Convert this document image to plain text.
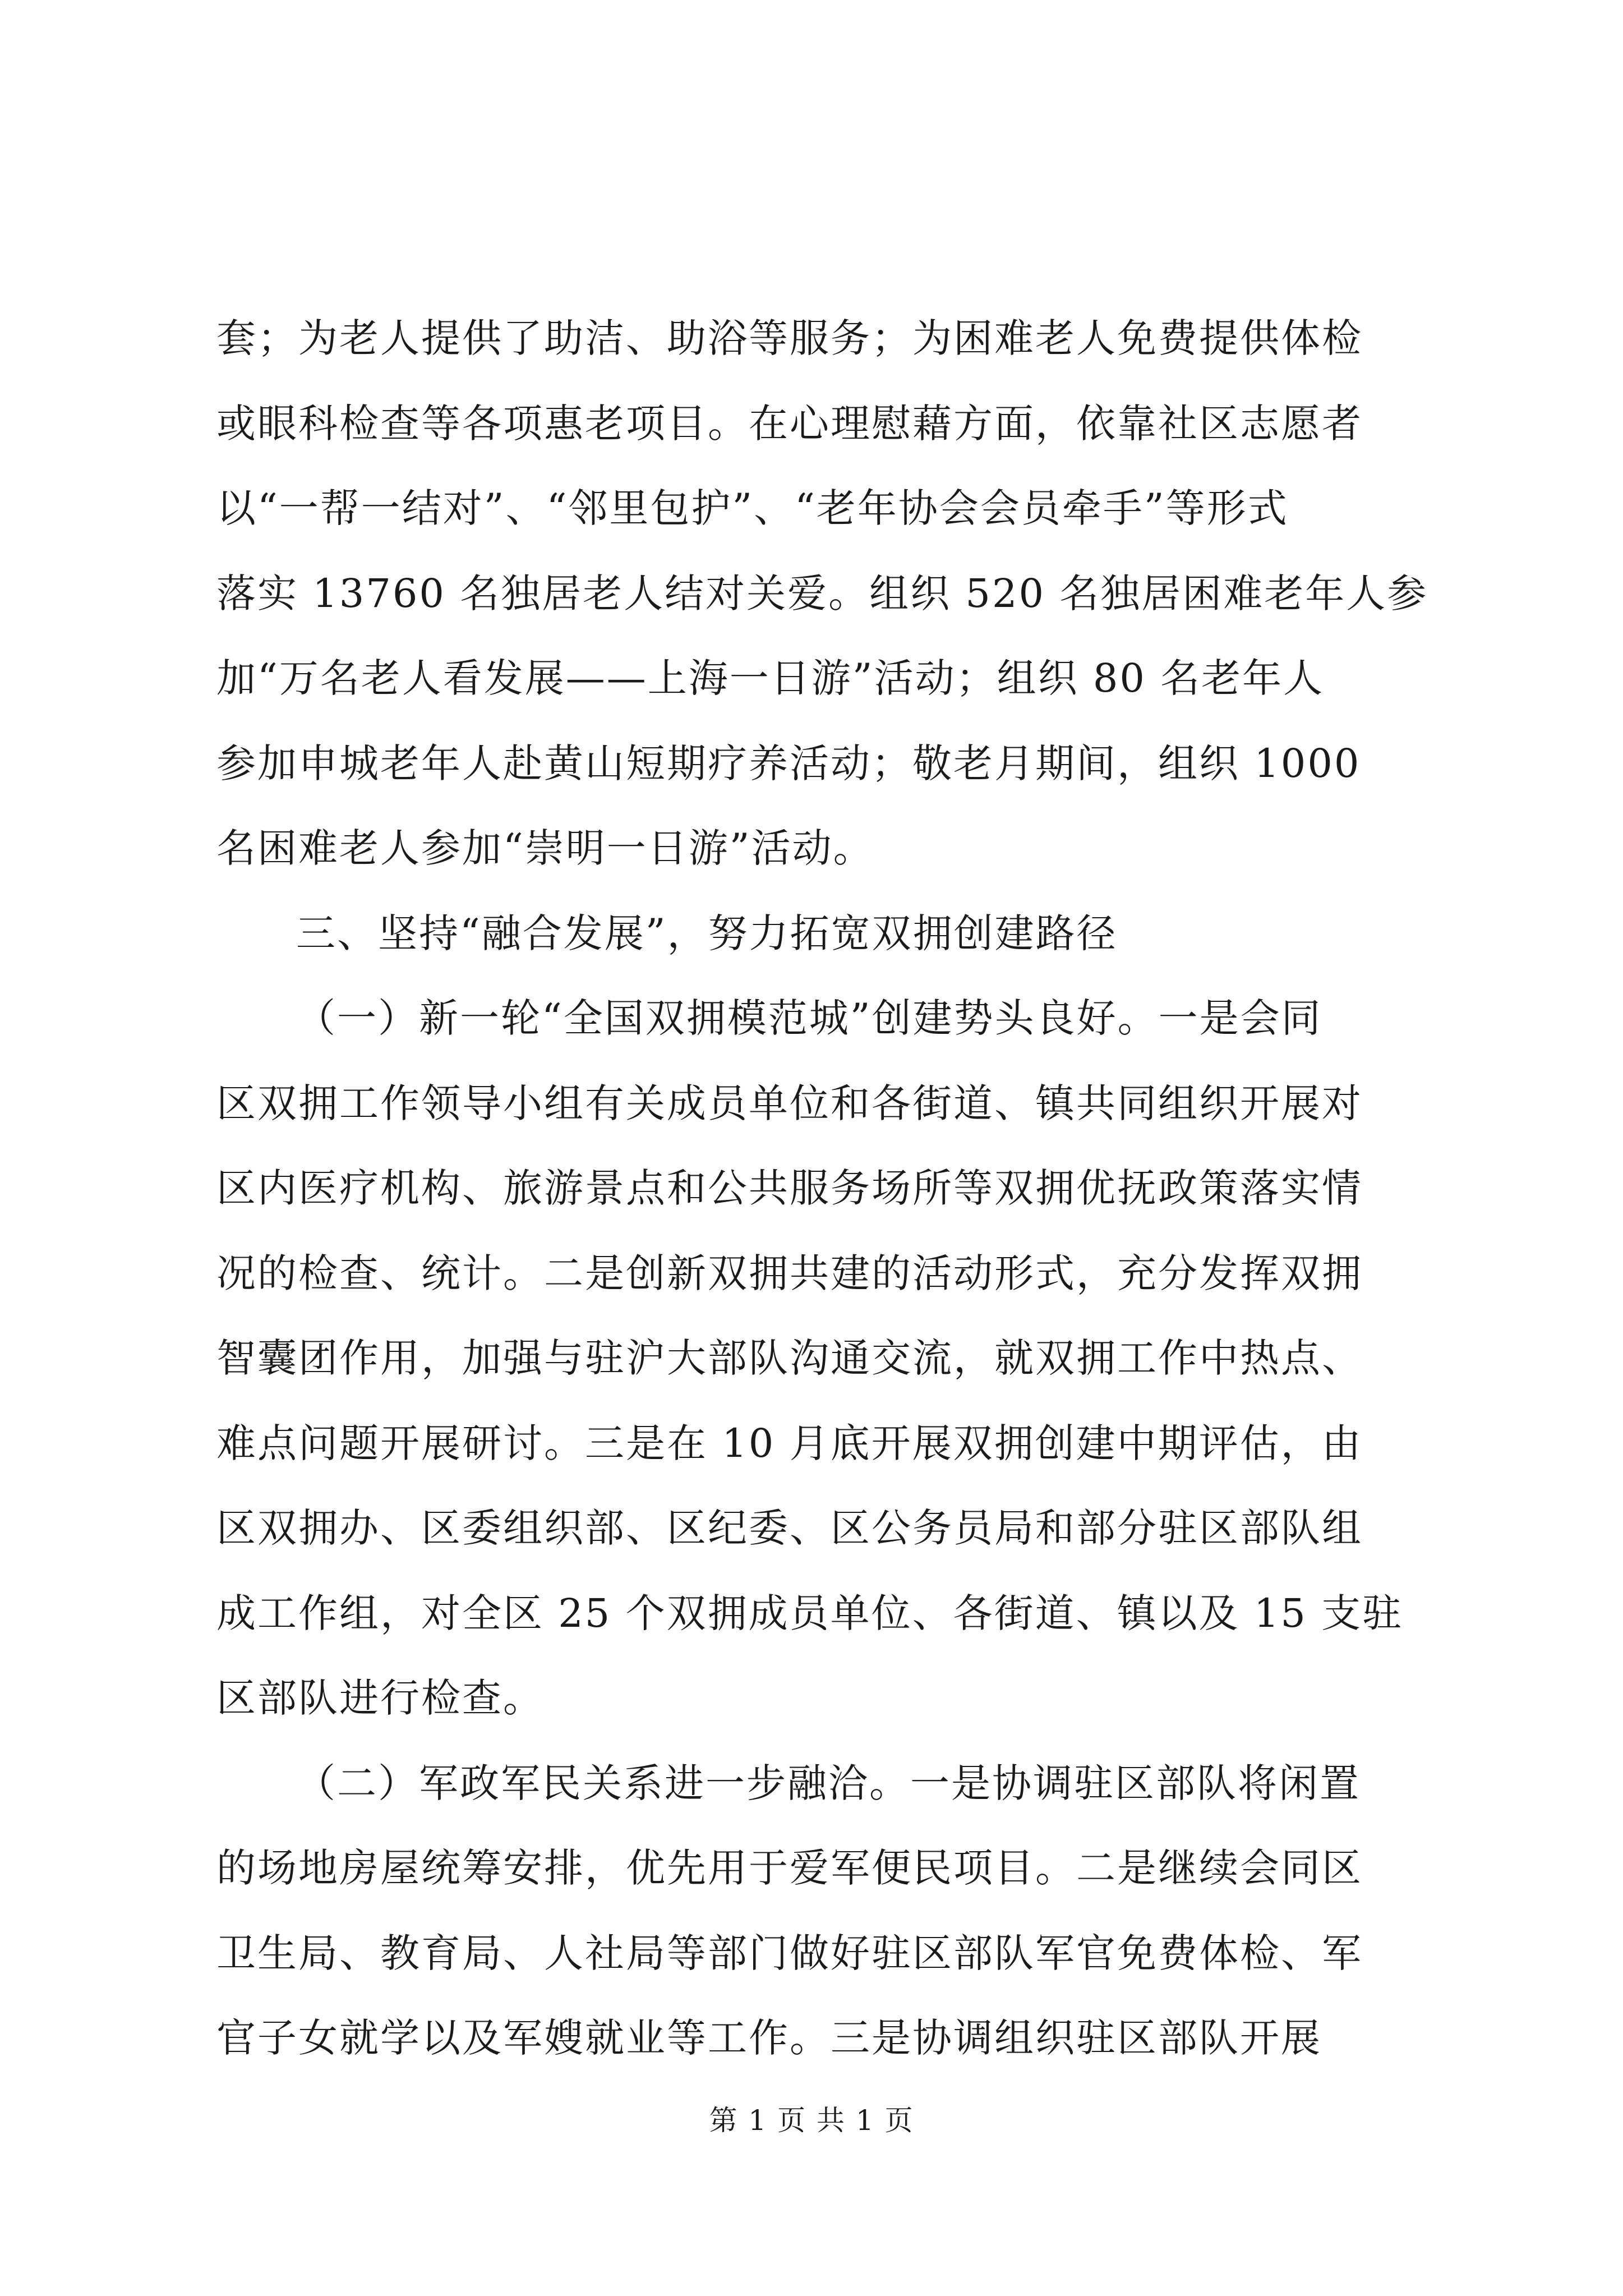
套；为老人提供了助洁、助浴等服务；为困难老人免费提供体检
或眼科检查等各项惠老项目。在心理慰藉方面，依靠社区志愿者
以“一帮一结对”、“邻里包护”、“老年协会会员牵手”等形式
落实 13760 名独居老人结对关爱。组织 520 名独居困难老年人参
加“万名老人看发展——上海一日游”活动；组织 80 名老年人
参加申城老年人赴黄山短期疗养活动；敬老月期间，组织 1000
名困难老人参加“崇明一日游”活动。
三、坚持“融合发展”，努力拓宽双拥创建路径
（一）新一轮“全国双拥模范城”创建势头良好。一是会同
区双拥工作领导小组有关成员单位和各街道、镇共同组织开展对
区内医疗机构、旅游景点和公共服务场所等双拥优抚政策落实情
况的检查、统计。二是创新双拥共建的活动形式，充分发挥双拥
智囊团作用，加强与驻沪大部队沟通交流，就双拥工作中热点、
难点问题开展研讨。三是在 10 月底开展双拥创建中期评估，由
区双拥办、区委组织部、区纪委、区公务员局和部分驻区部队组
成工作组，对全区 25 个双拥成员单位、各街道、镇以及 15 支驻
区部队进行检查。
（二）军政军民关系进一步融洽。一是协调驻区部队将闲置
的场地房屋统筹安排，优先用于爱军便民项目。二是继续会同区
卫生局、教育局、人社局等部门做好驻区部队军官免费体检、军
官子女就学以及军嫂就业等工作。三是协调组织驻区部队开展
第 1 页 共 1 页
